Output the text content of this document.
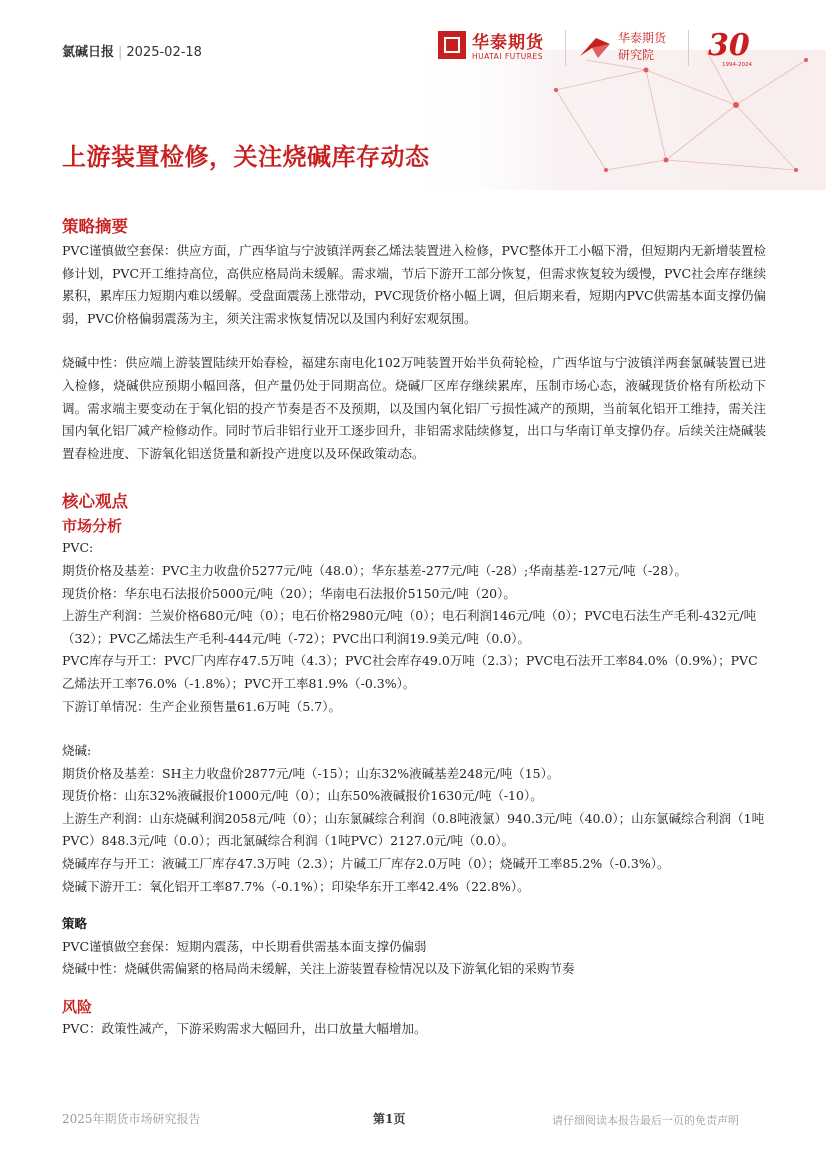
氯碱日报 | 2025-02-18	华泰期货
HUATAI FUTURES
华泰期货
研究院	30
1994-2024
上游装置检修，关注烧碱库存动态
策略摘要

PVC谨慎做空套保：供应方面，广西华谊与宁波镇洋两套乙烯法装置进入检修，PVC整体开工小幅下滑，但短期内无新增装置检修计划，PVC开工维持高位，高供应格局尚未缓解。需求端，节后下游开工部分恢复，但需求恢复较为缓慢，PVC社会库存继续累积，累库压力短期内难以缓解。受盘面震荡上涨带动，PVC现货价格小幅上调，但后期来看，短期内PVC供需基本面支撑仍偏弱，PVC价格偏弱震荡为主，须关注需求恢复情况以及国内利好宏观氛围。

烧碱中性：供应端上游装置陆续开始春检，福建东南电化102万吨装置开始半负荷轮检，广西华谊与宁波镇洋两套氯碱装置已进入检修，烧碱供应预期小幅回落，但产量仍处于同期高位。烧碱厂区库存继续累库，压制市场心态，液碱现货价格有所松动下调。需求端主要变动在于氧化铝的投产节奏是否不及预期，以及国内氧化铝厂亏损性减产的预期，当前氧化铝开工维持，需关注国内氧化铝厂减产检修动作。同时节后非铝行业开工逐步回升，非铝需求陆续修复，出口与华南订单支撑仍存。后续关注烧碱装置春检进度、下游氧化铝送货量和新投产进度以及环保政策动态。

核心观点
市场分析

PVC:

期货价格及基差：PVC主力收盘价5277元/吨（48.0）；华东基差-277元/吨（-28）;华南基差-127元/吨（-28）。

现货价格：华东电石法报价5000元/吨（20）；华南电石法报价5150元/吨（20）。

上游生产利润：兰炭价格680元/吨（0）；电石价格2980元/吨（0）；电石利润146元/吨（0）；PVC电石法生产毛利-432元/吨（32）；PVC乙烯法生产毛利-444元/吨（-72）；PVC出口利润19.9美元/吨（0.0）。

PVC库存与开工：PVC厂内库存47.5万吨（4.3）；PVC社会库存49.0万吨（2.3）；PVC电石法开工率84.0%（0.9%）；PVC乙烯法开工率76.0%（-1.8%）；PVC开工率81.9%（-0.3%）。

下游订单情况：生产企业预售量61.6万吨（5.7）。

烧碱:

期货价格及基差：SH主力收盘价2877元/吨（-15）；山东32%液碱基差248元/吨（15）。

现货价格：山东32%液碱报价1000元/吨（0）；山东50%液碱报价1630元/吨（-10）。

上游生产利润：山东烧碱利润2058元/吨（0）；山东氯碱综合利润（0.8吨液氯）940.3元/吨（40.0）；山东氯碱综合利润（1吨PVC）848.3元/吨（0.0）；西北氯碱综合利润（1吨PVC）2127.0元/吨（0.0）。

烧碱库存与开工：液碱工厂库存47.3万吨（2.3）；片碱工厂库存2.0万吨（0）；烧碱开工率85.2%（-0.3%）。

烧碱下游开工：氧化铝开工率87.7%（-0.1%）；印染华东开工率42.4%（22.8%）。

策略

PVC谨慎做空套保：短期内震荡，中长期看供需基本面支撑仍偏弱

烧碱中性：烧碱供需偏紧的格局尚未缓解，关注上游装置春检情况以及下游氧化铝的采购节奏

风险

PVC：政策性减产，下游采购需求大幅回升，出口放量大幅增加。

2025年期货市场研究报告	第1页	请仔细阅读本报告最后一页的免责声明
